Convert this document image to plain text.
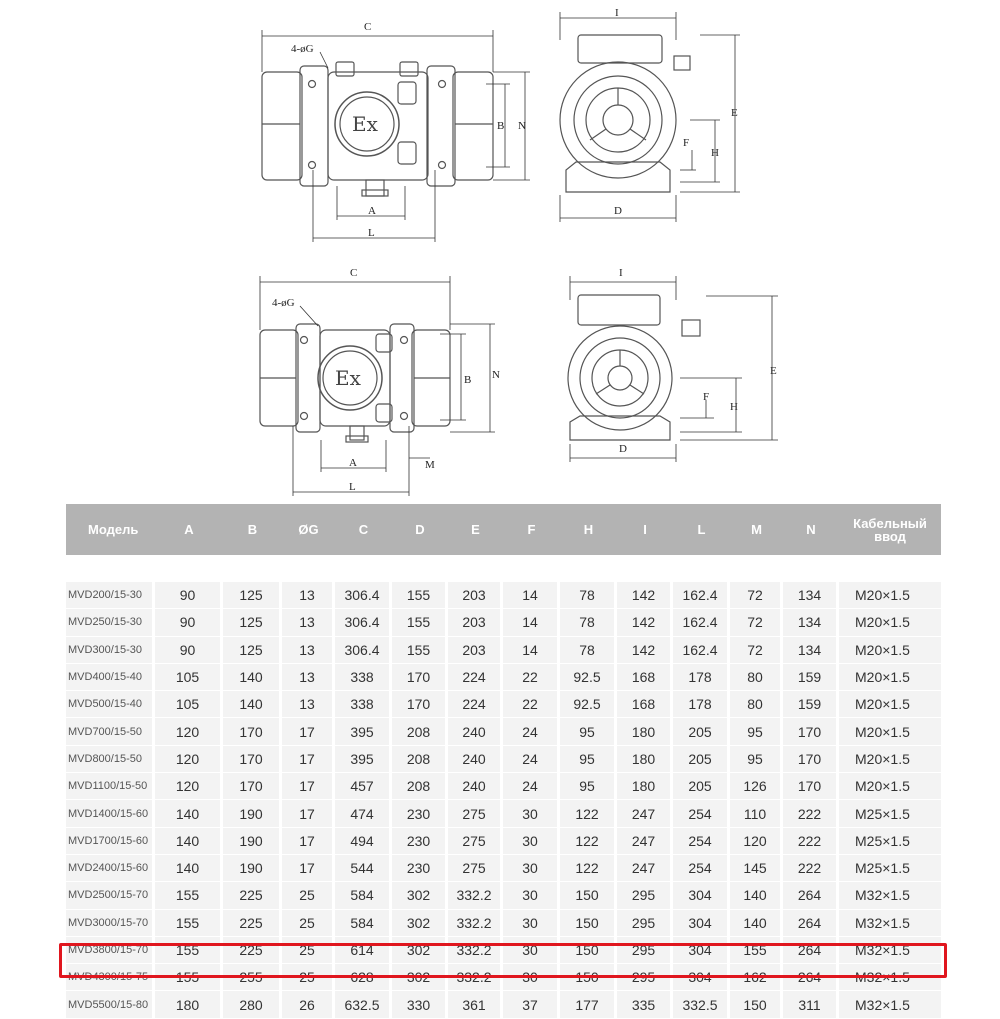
C
4-øG
B N
A
L
Ex
I
E
H
F
D
C
4-øG
B N
A
L
M
Ex
I
E
H
F
D
Модель	A	B	ØG	C	D	E	F	H	I	L	M	N	Кабельный
ввод

MVD200/15-30	90	125	13	306.4	155	203	14	78	142	162.4	72	134	M20×1.5
MVD250/15-30	90	125	13	306.4	155	203	14	78	142	162.4	72	134	M20×1.5
MVD300/15-30	90	125	13	306.4	155	203	14	78	142	162.4	72	134	M20×1.5
MVD400/15-40	105	140	13	338	170	224	22	92.5	168	178	80	159	M20×1.5
MVD500/15-40	105	140	13	338	170	224	22	92.5	168	178	80	159	M20×1.5
MVD700/15-50	120	170	17	395	208	240	24	95	180	205	95	170	M20×1.5
MVD800/15-50	120	170	17	395	208	240	24	95	180	205	95	170	M20×1.5
MVD1100/15-50	120	170	17	457	208	240	24	95	180	205	126	170	M20×1.5
MVD1400/15-60	140	190	17	474	230	275	30	122	247	254	110	222	M25×1.5
MVD1700/15-60	140	190	17	494	230	275	30	122	247	254	120	222	M25×1.5
MVD2400/15-60	140	190	17	544	230	275	30	122	247	254	145	222	M25×1.5
MVD2500/15-70	155	225	25	584	302	332.2	30	150	295	304	140	264	M32×1.5
MVD3000/15-70	155	225	25	584	302	332.2	30	150	295	304	140	264	M32×1.5
MVD3800/15-70	155	225	25	614	302	332.2	30	150	295	304	155	264	M32×1.5
MVD4300/15-75	155	255	25	628	302	332.2	30	150	295	304	162	264	M32×1.5
MVD5500/15-80	180	280	26	632.5	330	361	37	177	335	332.5	150	311	M32×1.5
